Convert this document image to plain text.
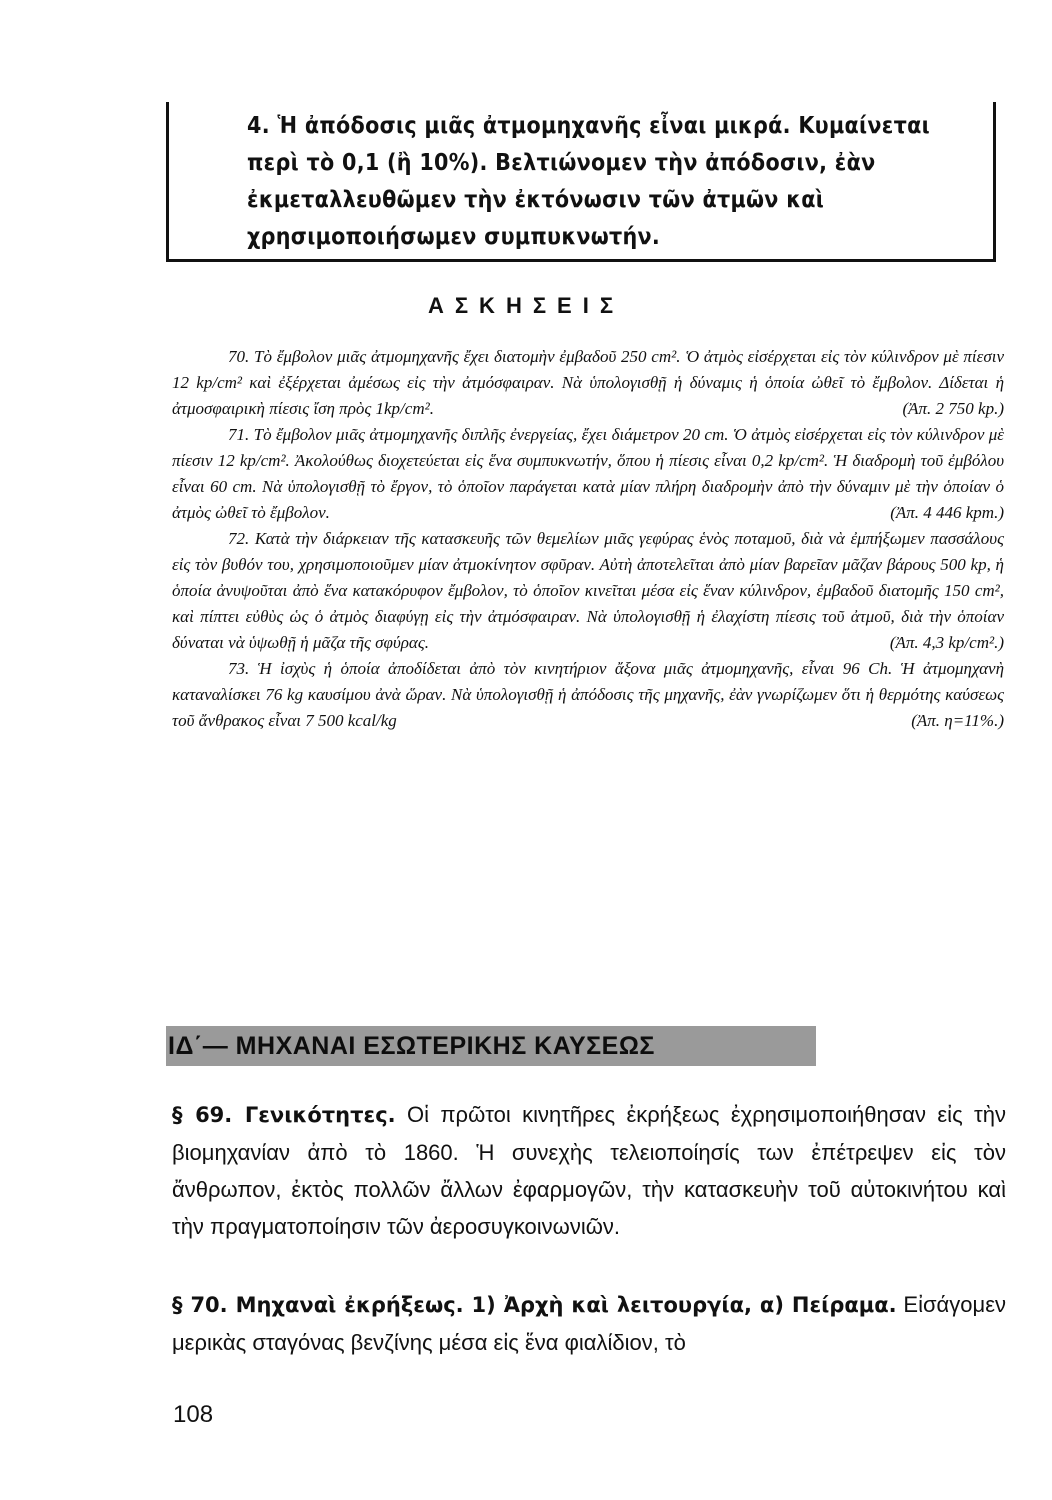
4. Ἡ ἀπόδοσις μιᾶς ἀτμομηχανῆς εἶναι μικρά. Κυμαίνεται περὶ τὸ 0,1 (ἢ 10%). Βελτιώνομεν τὴν ἀπόδοσιν, ἐὰν ἐκμεταλλευθῶμεν τὴν ἐκτόνωσιν τῶν ἀτμῶν καὶ χρησιμοποιήσωμεν συμπυκνωτήν.

ΑΣΚΗΣΕΙΣ

70. Τὸ ἔμβολον μιᾶς ἀτμομηχανῆς ἔχει διατομὴν ἐμβαδοῦ 250 cm². Ὁ ἀτμὸς εἰσέρχεται εἰς τὸν κύλινδρον μὲ πίεσιν 12 kp/cm² καὶ ἐξέρχεται ἀμέσως εἰς τὴν ἀτμόσφαιραν. Νὰ ὑπολογισθῇ ἡ δύναμις ἡ ὁποία ὠθεῖ τὸ ἔμβολον. Δίδεται ἡ ἀτμοσφαιρικὴ πίεσις ἴση πρὸς 1kp/cm².	(Ἀπ. 2 750 kp.)

71. Τὸ ἔμβολον μιᾶς ἀτμομηχανῆς διπλῆς ἐνεργείας, ἔχει διάμετρον 20 cm. Ὁ ἀτμὸς εἰσέρχεται εἰς τὸν κύλινδρον μὲ πίεσιν 12 kp/cm². Ἀκολούθως διοχετεύεται εἰς ἕνα συμπυκνωτήν, ὅπου ἡ πίεσις εἶναι 0,2 kp/cm². Ἡ διαδρομὴ τοῦ ἐμβόλου εἶναι 60 cm. Νὰ ὑπολογισθῇ τὸ ἔργον, τὸ ὁποῖον παράγεται κατὰ μίαν πλήρη διαδρομὴν ἀπὸ τὴν δύναμιν μὲ τὴν ὁποίαν ὁ ἀτμὸς ὠθεῖ τὸ ἔμβολον.	(Ἀπ. 4 446 kpm.)

72. Κατὰ τὴν διάρκειαν τῆς κατασκευῆς τῶν θεμελίων μιᾶς γεφύρας ἑνὸς ποταμοῦ, διὰ νὰ ἐμπήξωμεν πασσάλους εἰς τὸν βυθόν του, χρησιμοποιοῦμεν μίαν ἀτμοκίνητον σφῦραν. Αὐτὴ ἀποτελεῖται ἀπὸ μίαν βαρεῖαν μᾶζαν βάρους 500 kp, ἡ ὁποία ἀνυψοῦται ἀπὸ ἕνα κατακόρυφον ἔμβολον, τὸ ὁποῖον κινεῖται μέσα εἰς ἕναν κύλινδρον, ἐμβαδοῦ διατομῆς 150 cm², καὶ πίπτει εὐθὺς ὡς ὁ ἀτμὸς διαφύγῃ εἰς τὴν ἀτμόσφαιραν. Νὰ ὑπολογισθῇ ἡ ἐλαχίστη πίεσις τοῦ ἀτμοῦ, διὰ τὴν ὁποίαν δύναται νὰ ὑψωθῇ ἡ μᾶζα τῆς σφύρας.	(Ἀπ. 4,3 kp/cm².)

73. Ἡ ἰσχὺς ἡ ὁποία ἀποδίδεται ἀπὸ τὸν κινητήριον ἄξονα μιᾶς ἀτμομηχανῆς, εἶναι 96 Ch. Ἡ ἀτμομηχανὴ καταναλίσκει 76 kg καυσίμου ἀνὰ ὥραν. Νὰ ὑπολογισθῇ ἡ ἀπόδοσις τῆς μηχανῆς, ἐὰν γνωρίζωμεν ὅτι ἡ θερμότης καύσεως τοῦ ἄνθρακος εἶναι 7 500 kcal/kg	(Ἀπ. η=11%.)

ΙΔ΄— ΜΗΧΑΝΑΙ ΕΣΩΤΕΡΙΚΗΣ ΚΑΥΣΕΩΣ
§ 69. Γενικότητες. Οἱ πρῶτοι κινητῆρες ἐκρήξεως ἐχρησιμοποιήθησαν εἰς τὴν βιομηχανίαν ἀπὸ τὸ 1860. Ἡ συνεχὴς τελειοποίησίς των ἐπέτρεψεν εἰς τὸν ἄνθρωπον, ἐκτὸς πολλῶν ἄλλων ἐφαρμογῶν, τὴν κατασκευὴν τοῦ αὐτοκινήτου καὶ τὴν πραγματοποίησιν τῶν ἀεροσυγκοινωνιῶν.
§ 70. Μηχαναὶ ἐκρήξεως. 1) Ἀρχὴ καὶ λειτουργία, α) Πείραμα. Εἰσάγομεν μερικὰς σταγόνας βενζίνης μέσα εἰς ἕνα φιαλίδιον, τὸ
108
